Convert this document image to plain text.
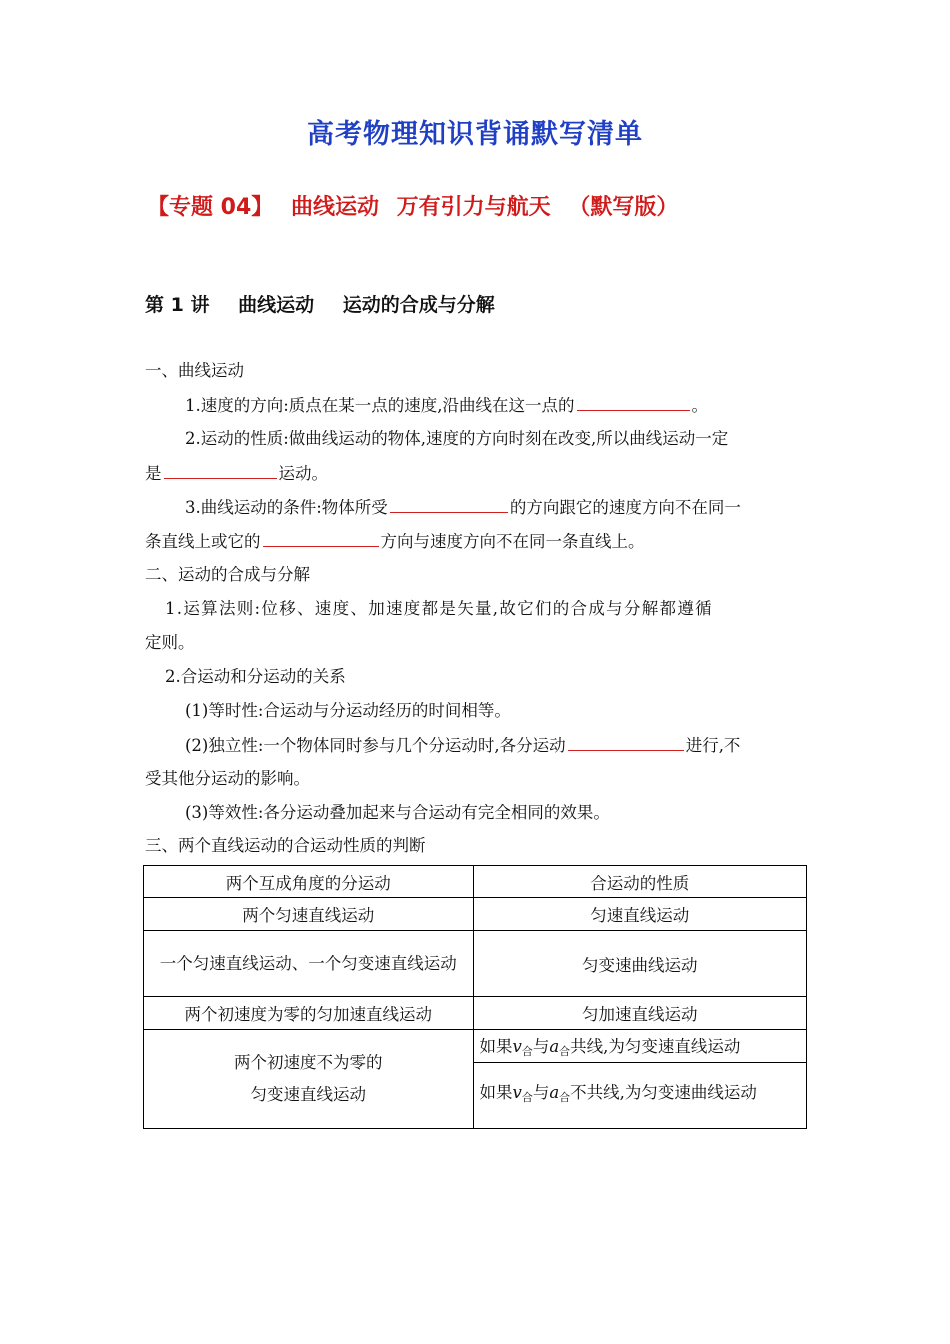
高考物理知识背诵默写清单
【专题 04】 曲线运动 万有引力与航天 （默写版）
第 1 讲 曲线运动 运动的合成与分解
一、曲线运动
1.速度的方向:质点在某一点的速度,沿曲线在这一点的	。
2.运动的性质:做曲线运动的物体,速度的方向时刻在改变,所以曲线运动一定
是	运动。
3.曲线运动的条件:物体所受	的方向跟它的速度方向不在同一
条直线上或它的	方向与速度方向不在同一条直线上。
二、运动的合成与分解
1.运算法则:位移、速度、加速度都是矢量,故它们的合成与分解都遵循
定则。
2.合运动和分运动的关系
(1)等时性:合运动与分运动经历的时间相等。
(2)独立性:一个物体同时参与几个分运动时,各分运动	进行,不
受其他分运动的影响。
(3)等效性:各分运动叠加起来与合运动有完全相同的效果。
三、两个直线运动的合运动性质的判断
两个互成角度的分运动	合运动的性质
两个匀速直线运动	匀速直线运动
一个匀速直线运动、一个匀变速直线运动	匀变速曲线运动
两个初速度为零的匀加速直线运动	匀加速直线运动

两个初速度不为零的
匀变速直线运动	如果$v_合$与$a_合$共线,为匀变速直线运动
	如果$v_合$与$a_合$不共线,为匀变速曲线运动
